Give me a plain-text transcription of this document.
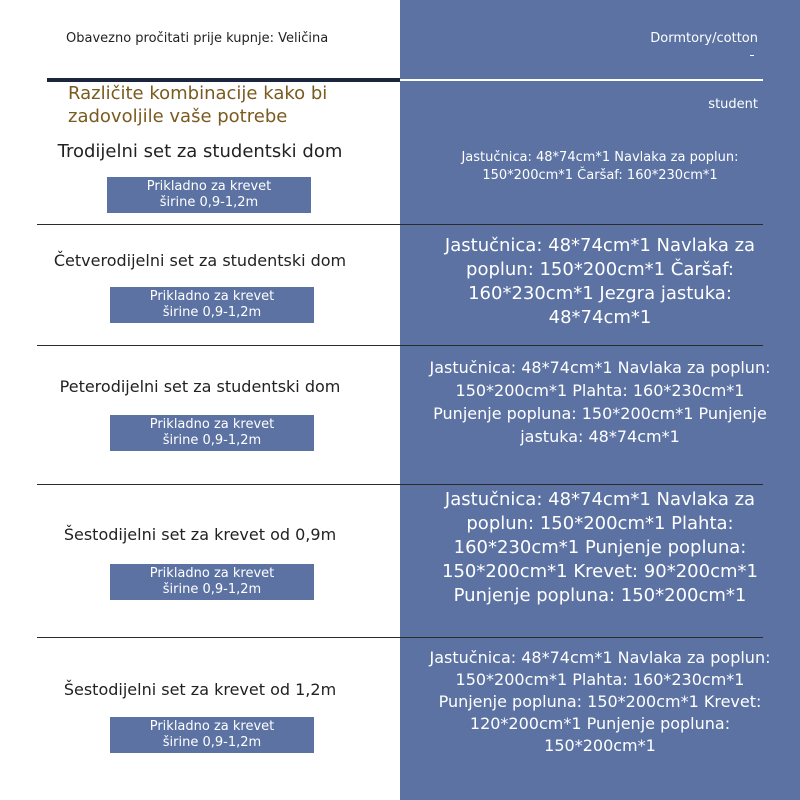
Obavezno pročitati prije kupnje: Veličina	Dormtory/cotton
Različite kombinacije kako bi
zadovoljile vaše potrebe
student
Trodijelni set za studentski dom
Prikladno za krevet
širine 0,9-1,2m
Jastučnica: 48*74cm*1 Navlaka za poplun: 150*200cm*1 Čaršaf: 160*230cm*1
Četverodijelni set za studentski dom
Prikladno za krevet
širine 0,9-1,2m
Jastučnica: 48*74cm*1 Navlaka za poplun: 150*200cm*1 Čaršaf: 160*230cm*1 Jezgra jastuka: 48*74cm*1
Peterodijelni set za studentski dom
Prikladno za krevet
širine 0,9-1,2m
Jastučnica: 48*74cm*1 Navlaka za poplun: 150*200cm*1 Plahta: 160*230cm*1 Punjenje popluna: 150*200cm*1 Punjenje jastuka: 48*74cm*1
Šestodijelni set za krevet od 0,9m
Prikladno za krevet
širine 0,9-1,2m
Jastučnica: 48*74cm*1 Navlaka za poplun: 150*200cm*1 Plahta: 160*230cm*1 Punjenje popluna: 150*200cm*1 Krevet: 90*200cm*1 Punjenje popluna: 150*200cm*1
Šestodijelni set za krevet od 1,2m
Prikladno za krevet
širine 0,9-1,2m
Jastučnica: 48*74cm*1 Navlaka za poplun: 150*200cm*1 Plahta: 160*230cm*1 Punjenje popluna: 150*200cm*1 Krevet: 120*200cm*1 Punjenje popluna: 150*200cm*1
